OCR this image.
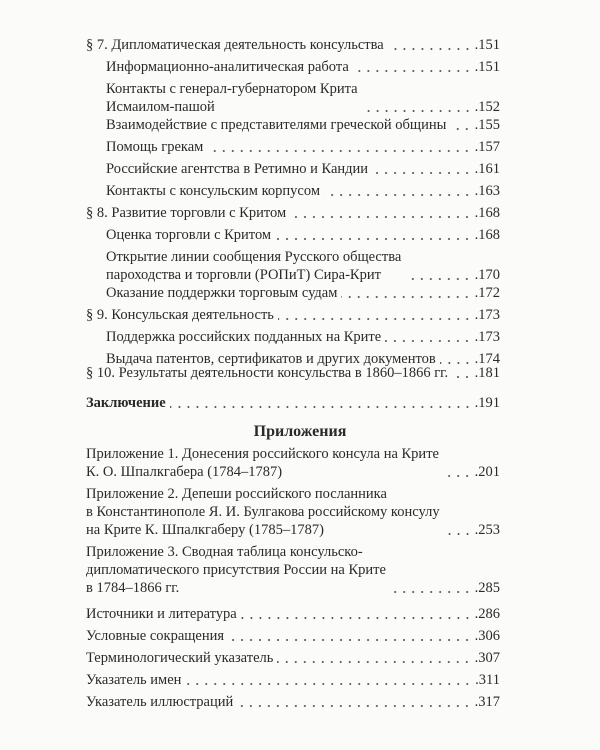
§ 7. Дипломатическая деятельность консульства	.151
Информационно-аналитическая работа	.151
Контакты с генерал-губернатором Крита
Исмаилом-пашой	.152
Взаимодействие с представителями греческой общины .155
Помощь грекам	.157
Российские агентства в Ретимно и Кандии	.161
Контакты с консульским корпусом	.163
§ 8. Развитие торговли с Критом	.168
Оценка торговли с Критом	.168
Открытие линии сообщения Русского общества
пароходства и торговли (РОПиТ) Сира-Крит	.170
Оказание поддержки торговым судам	.172
§ 9. Консульская деятельность	.173
Поддержка российских подданных на Крите	.173
Выдача патентов, сертификатов и других документов	.174
§ 10. Результаты деятельности консульства в 1860–1866 гг. .181
Заключение	.191
Приложения
Приложение 1. Донесения российского консула на Крите
К. О. Шпалкгабера (1784–1787)	.201
Приложение 2. Депеши российского посланника
в Константинополе Я. И. Булгакова российскому консулу
на Крите К. Шпалкгаберу (1785–1787)	.253
Приложение 3. Сводная таблица консульско-
дипломатического присутствия России на Крите
в 1784–1866 гг.	.285
Источники и литература	.286
Условные сокращения	.306
Терминологический указатель	.307
Указатель имен	.311
Указатель иллюстраций	.317
